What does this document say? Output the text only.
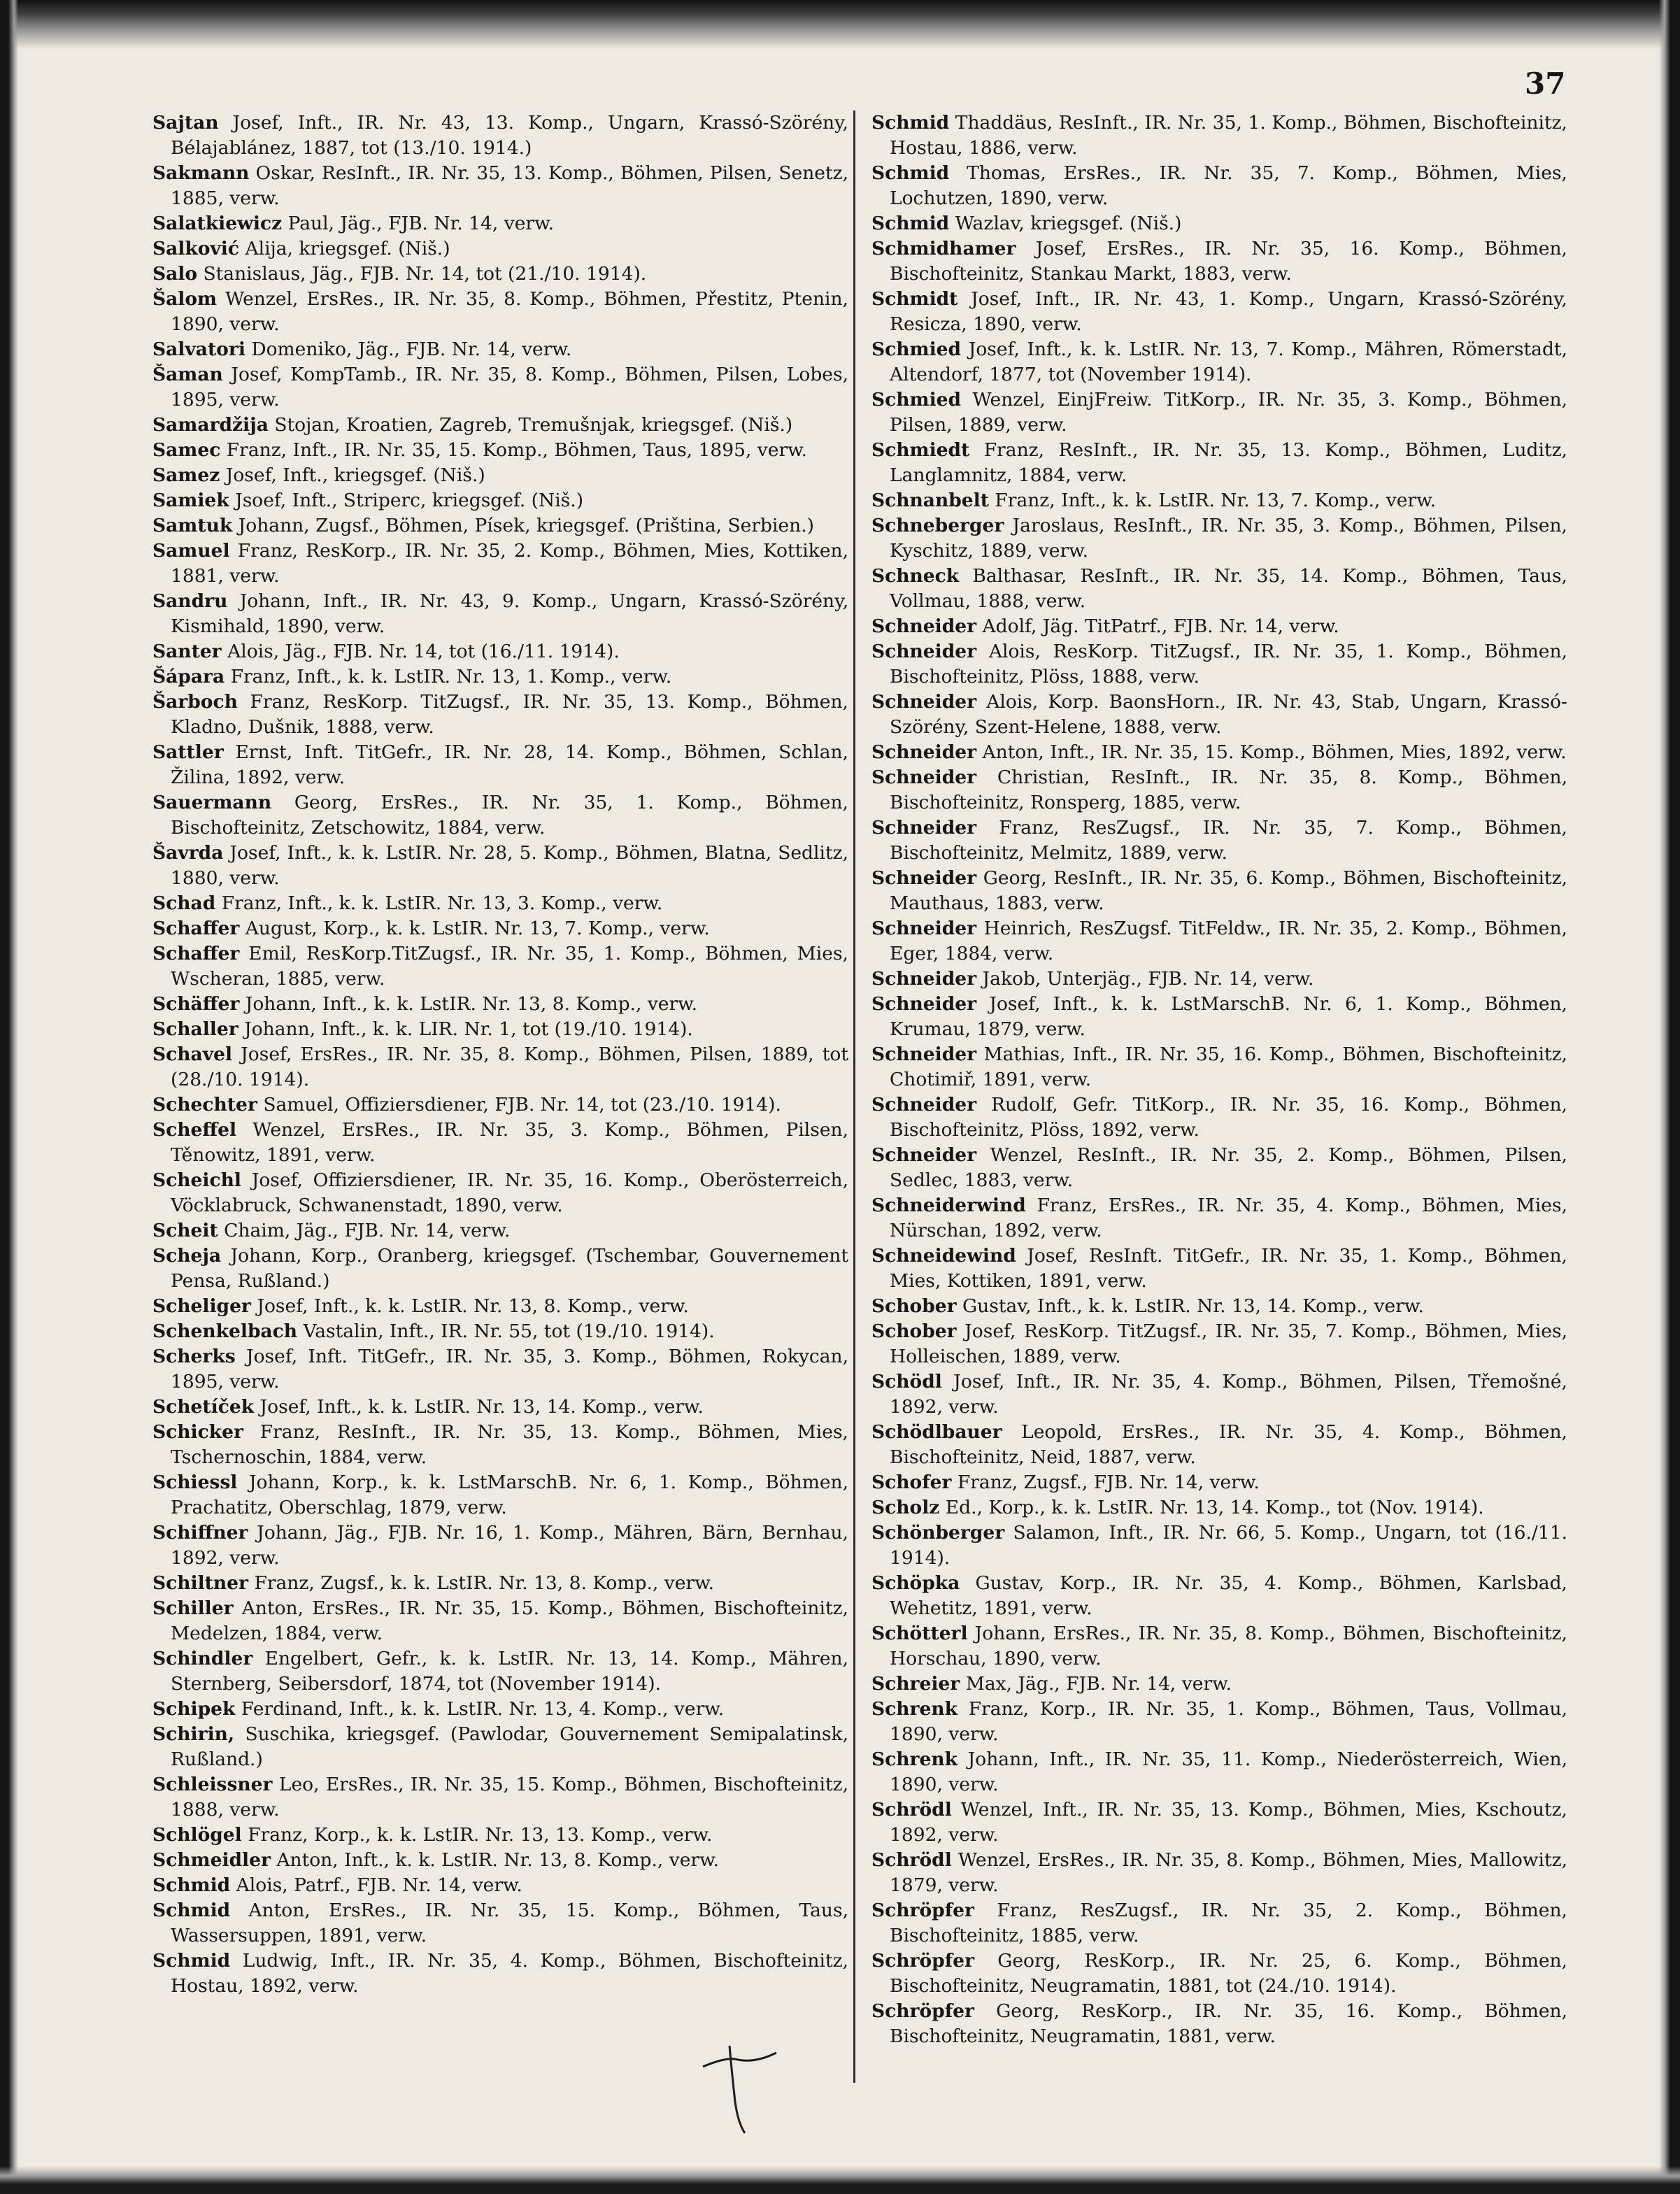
37

Sajtan Josef, Inft., IR. Nr. 43, 13. Komp., Ungarn, Krassó-Szörény, Bélajablánez, 1887, tot (13./10. 1914.)

Sakmann Oskar, ResInft., IR. Nr. 35, 13. Komp., Böhmen, Pilsen, Senetz, 1885, verw.

Salatkiewicz Paul, Jäg., FJB. Nr. 14, verw.

Salković Alija, kriegsgef. (Niš.)

Salo Stanislaus, Jäg., FJB. Nr. 14, tot (21./10. 1914).

Šalom Wenzel, ErsRes., IR. Nr. 35, 8. Komp., Böhmen, Přestitz, Ptenin, 1890, verw.

Salvatori Domeniko, Jäg., FJB. Nr. 14, verw.

Šaman Josef, KompTamb., IR. Nr. 35, 8. Komp., Böhmen, Pilsen, Lobes, 1895, verw.

Samardžija Stojan, Kroatien, Zagreb, Tremušnjak, kriegsgef. (Niš.)

Samec Franz, Inft., IR. Nr. 35, 15. Komp., Böhmen, Taus, 1895, verw.

Samez Josef, Inft., kriegsgef. (Niš.)

Samiek Jsoef, Inft., Striperc, kriegsgef. (Niš.)

Samtuk Johann, Zugsf., Böhmen, Písek, kriegsgef. (Priština, Serbien.)

Samuel Franz, ResKorp., IR. Nr. 35, 2. Komp., Böhmen, Mies, Kottiken, 1881, verw.

Sandru Johann, Inft., IR. Nr. 43, 9. Komp., Ungarn, Krassó-Szörény, Kismihald, 1890, verw.

Santer Alois, Jäg., FJB. Nr. 14, tot (16./11. 1914).

Šápara Franz, Inft., k. k. LstIR. Nr. 13, 1. Komp., verw.

Šarboch Franz, ResKorp. TitZugsf., IR. Nr. 35, 13. Komp., Böhmen, Kladno, Dušnik, 1888, verw.

Sattler Ernst, Inft. TitGefr., IR. Nr. 28, 14. Komp., Böhmen, Schlan, Žilina, 1892, verw.

Sauermann Georg, ErsRes., IR. Nr. 35, 1. Komp., Böhmen, Bischofteinitz, Zetschowitz, 1884, verw.

Šavrda Josef, Inft., k. k. LstIR. Nr. 28, 5. Komp., Böhmen, Blatna, Sedlitz, 1880, verw.

Schad Franz, Inft., k. k. LstIR. Nr. 13, 3. Komp., verw.

Schaffer August, Korp., k. k. LstIR. Nr. 13, 7. Komp., verw.

Schaffer Emil, ResKorp.TitZugsf., IR. Nr. 35, 1. Komp., Böhmen, Mies, Wscheran, 1885, verw.

Schäffer Johann, Inft., k. k. LstIR. Nr. 13, 8. Komp., verw.

Schaller Johann, Inft., k. k. LIR. Nr. 1, tot (19./10. 1914).

Schavel Josef, ErsRes., IR. Nr. 35, 8. Komp., Böhmen, Pilsen, 1889, tot (28./10. 1914).

Schechter Samuel, Offiziersdiener, FJB. Nr. 14, tot (23./10. 1914).

Scheffel Wenzel, ErsRes., IR. Nr. 35, 3. Komp., Böhmen, Pilsen, Těnowitz, 1891, verw.

Scheichl Josef, Offiziersdiener, IR. Nr. 35, 16. Komp., Oberösterreich, Vöcklabruck, Schwanenstadt, 1890, verw.

Scheit Chaim, Jäg., FJB. Nr. 14, verw.

Scheja Johann, Korp., Oranberg, kriegsgef. (Tschembar, Gouvernement Pensa, Rußland.)

Scheliger Josef, Inft., k. k. LstIR. Nr. 13, 8. Komp., verw.

Schenkelbach Vastalin, Inft., IR. Nr. 55, tot (19./10. 1914).

Scherks Josef, Inft. TitGefr., IR. Nr. 35, 3. Komp., Böhmen, Rokycan, 1895, verw.

Schetíček Josef, Inft., k. k. LstIR. Nr. 13, 14. Komp., verw.

Schicker Franz, ResInft., IR. Nr. 35, 13. Komp., Böhmen, Mies, Tschernoschin, 1884, verw.

Schiessl Johann, Korp., k. k. LstMarschB. Nr. 6, 1. Komp., Böhmen, Prachatitz, Oberschlag, 1879, verw.

Schiffner Johann, Jäg., FJB. Nr. 16, 1. Komp., Mähren, Bärn, Bernhau, 1892, verw.

Schiltner Franz, Zugsf., k. k. LstIR. Nr. 13, 8. Komp., verw.

Schiller Anton, ErsRes., IR. Nr. 35, 15. Komp., Böhmen, Bischofteinitz, Medelzen, 1884, verw.

Schindler Engelbert, Gefr., k. k. LstIR. Nr. 13, 14. Komp., Mähren, Sternberg, Seibersdorf, 1874, tot (November 1914).

Schipek Ferdinand, Inft., k. k. LstIR. Nr. 13, 4. Komp., verw.

Schirin, Suschika, kriegsgef. (Pawlodar, Gouvernement Semipalatinsk, Rußland.)

Schleissner Leo, ErsRes., IR. Nr. 35, 15. Komp., Böhmen, Bischofteinitz, 1888, verw.

Schlögel Franz, Korp., k. k. LstIR. Nr. 13, 13. Komp., verw.

Schmeidler Anton, Inft., k. k. LstIR. Nr. 13, 8. Komp., verw.

Schmid Alois, Patrf., FJB. Nr. 14, verw.

Schmid Anton, ErsRes., IR. Nr. 35, 15. Komp., Böhmen, Taus, Wassersuppen, 1891, verw.

Schmid Ludwig, Inft., IR. Nr. 35, 4. Komp., Böhmen, Bischofteinitz, Hostau, 1892, verw.

Schmid Thaddäus, ResInft., IR. Nr. 35, 1. Komp., Böhmen, Bischofteinitz, Hostau, 1886, verw.

Schmid Thomas, ErsRes., IR. Nr. 35, 7. Komp., Böhmen, Mies, Lochutzen, 1890, verw.

Schmid Wazlav, kriegsgef. (Niš.)

Schmidhamer Josef, ErsRes., IR. Nr. 35, 16. Komp., Böhmen, Bischofteinitz, Stankau Markt, 1883, verw.

Schmidt Josef, Inft., IR. Nr. 43, 1. Komp., Ungarn, Krassó-Szörény, Resicza, 1890, verw.

Schmied Josef, Inft., k. k. LstIR. Nr. 13, 7. Komp., Mähren, Römerstadt, Altendorf, 1877, tot (November 1914).

Schmied Wenzel, EinjFreiw. TitKorp., IR. Nr. 35, 3. Komp., Böhmen, Pilsen, 1889, verw.

Schmiedt Franz, ResInft., IR. Nr. 35, 13. Komp., Böhmen, Luditz, Langlamnitz, 1884, verw.

Schnanbelt Franz, Inft., k. k. LstIR. Nr. 13, 7. Komp., verw.

Schneberger Jaroslaus, ResInft., IR. Nr. 35, 3. Komp., Böhmen, Pilsen, Kyschitz, 1889, verw.

Schneck Balthasar, ResInft., IR. Nr. 35, 14. Komp., Böhmen, Taus, Vollmau, 1888, verw.

Schneider Adolf, Jäg. TitPatrf., FJB. Nr. 14, verw.

Schneider Alois, ResKorp. TitZugsf., IR. Nr. 35, 1. Komp., Böhmen, Bischofteinitz, Plöss, 1888, verw.

Schneider Alois, Korp. BaonsHorn., IR. Nr. 43, Stab, Ungarn, Krassó-Szörény, Szent-Helene, 1888, verw.

Schneider Anton, Inft., IR. Nr. 35, 15. Komp., Böhmen, Mies, 1892, verw.

Schneider Christian, ResInft., IR. Nr. 35, 8. Komp., Böhmen, Bischofteinitz, Ronsperg, 1885, verw.

Schneider Franz, ResZugsf., IR. Nr. 35, 7. Komp., Böhmen, Bischofteinitz, Melmitz, 1889, verw.

Schneider Georg, ResInft., IR. Nr. 35, 6. Komp., Böhmen, Bischofteinitz, Mauthaus, 1883, verw.

Schneider Heinrich, ResZugsf. TitFeldw., IR. Nr. 35, 2. Komp., Böhmen, Eger, 1884, verw.

Schneider Jakob, Unterjäg., FJB. Nr. 14, verw.

Schneider Josef, Inft., k. k. LstMarschB. Nr. 6, 1. Komp., Böhmen, Krumau, 1879, verw.

Schneider Mathias, Inft., IR. Nr. 35, 16. Komp., Böhmen, Bischofteinitz, Chotimiř, 1891, verw.

Schneider Rudolf, Gefr. TitKorp., IR. Nr. 35, 16. Komp., Böhmen, Bischofteinitz, Plöss, 1892, verw.

Schneider Wenzel, ResInft., IR. Nr. 35, 2. Komp., Böhmen, Pilsen, Sedlec, 1883, verw.

Schneiderwind Franz, ErsRes., IR. Nr. 35, 4. Komp., Böhmen, Mies, Nürschan, 1892, verw.

Schneidewind Josef, ResInft. TitGefr., IR. Nr. 35, 1. Komp., Böhmen, Mies, Kottiken, 1891, verw.

Schober Gustav, Inft., k. k. LstIR. Nr. 13, 14. Komp., verw.

Schober Josef, ResKorp. TitZugsf., IR. Nr. 35, 7. Komp., Böhmen, Mies, Holleischen, 1889, verw.

Schödl Josef, Inft., IR. Nr. 35, 4. Komp., Böhmen, Pilsen, Třemošné, 1892, verw.

Schödlbauer Leopold, ErsRes., IR. Nr. 35, 4. Komp., Böhmen, Bischofteinitz, Neid, 1887, verw.

Schofer Franz, Zugsf., FJB. Nr. 14, verw.

Scholz Ed., Korp., k. k. LstIR. Nr. 13, 14. Komp., tot (Nov. 1914).

Schönberger Salamon, Inft., IR. Nr. 66, 5. Komp., Ungarn, tot (16./11. 1914).

Schöpka Gustav, Korp., IR. Nr. 35, 4. Komp., Böhmen, Karlsbad, Wehetitz, 1891, verw.

Schötterl Johann, ErsRes., IR. Nr. 35, 8. Komp., Böhmen, Bischofteinitz, Horschau, 1890, verw.

Schreier Max, Jäg., FJB. Nr. 14, verw.

Schrenk Franz, Korp., IR. Nr. 35, 1. Komp., Böhmen, Taus, Vollmau, 1890, verw.

Schrenk Johann, Inft., IR. Nr. 35, 11. Komp., Niederösterreich, Wien, 1890, verw.

Schrödl Wenzel, Inft., IR. Nr. 35, 13. Komp., Böhmen, Mies, Kschoutz, 1892, verw.

Schrödl Wenzel, ErsRes., IR. Nr. 35, 8. Komp., Böhmen, Mies, Mallowitz, 1879, verw.

Schröpfer Franz, ResZugsf., IR. Nr. 35, 2. Komp., Böhmen, Bischofteinitz, 1885, verw.

Schröpfer Georg, ResKorp., IR. Nr. 25, 6. Komp., Böhmen, Bischofteinitz, Neugramatin, 1881, tot (24./10. 1914).

Schröpfer Georg, ResKorp., IR. Nr. 35, 16. Komp., Böhmen, Bischofteinitz, Neugramatin, 1881, verw.
